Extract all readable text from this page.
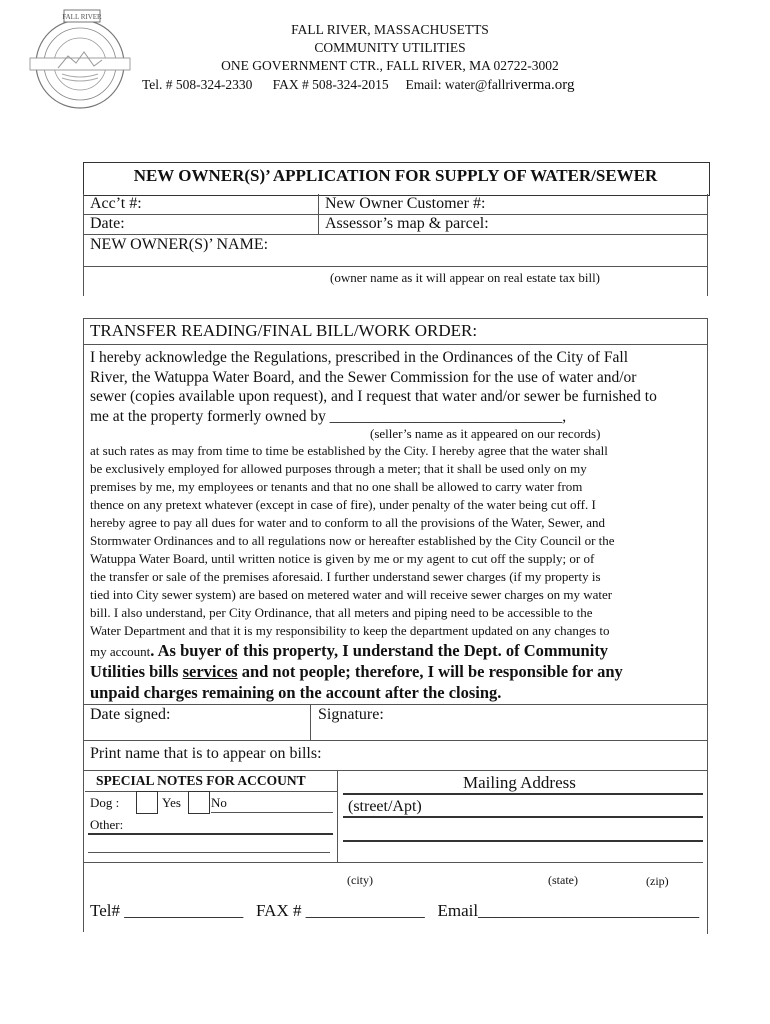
FALL RIVER
FALL RIVER, MASSACHUSETTS
COMMUNITY UTILITIES
ONE GOVERNMENT CTR., FALL RIVER, MA 02722-3002
Tel. # 508-324-2330 FAX # 508-324-2015 Email: water@fallriverma.org
NEW OWNER(S)’ APPLICATION FOR SUPPLY OF WATER/SEWER
Acc’t #:	New Owner Customer #:
Date:	Assessor’s map & parcel:
NEW OWNER(S)’ NAME:
(owner name as it will appear on real estate tax bill)
TRANSFER READING/FINAL BILL/WORK ORDER:
I hereby acknowledge the Regulations, prescribed in the Ordinances of the City of Fall
River, the Watuppa Water Board, and the Sewer Commission for the use of water and/or
sewer (copies available upon request), and I request that water and/or sewer be furnished to
me at the property formerly owned by ______________________________,
(seller’s name as it appeared on our records)
at such rates as may from time to time be established by the City. I hereby agree that the water shall
be exclusively employed for allowed purposes through a meter; that it shall be used only on my
premises by me, my employees or tenants and that no one shall be allowed to carry water from
thence on any pretext whatever (except in case of fire), under penalty of the water being cut off. I
hereby agree to pay all dues for water and to conform to all the provisions of the Water, Sewer, and
Stormwater Ordinances and to all regulations now or hereafter established by the City Council or the
Watuppa Water Board, until written notice is given by me or my agent to cut off the supply; or of
the transfer or sale of the premises aforesaid. I further understand sewer charges (if my property is
tied into City sewer system) are based on metered water and will receive sewer charges on my water
bill. I also understand, per City Ordinance, that all meters and piping need to be accessible to the
Water Department and that it is my responsibility to keep the department updated on any changes to
my account. As buyer of this property, I understand the Dept. of Community
Utilities bills services and not people; therefore, I will be responsible for any
unpaid charges remaining on the account after the closing.
Date signed:	Signature:
Print name that is to appear on bills:
SPECIAL NOTES FOR ACCOUNT
Dog :	Yes No
Other:
Mailing Address
(street/Apt)
(city)	(state)	(zip)
Tel# ______________ FAX # ______________ Email__________________________
